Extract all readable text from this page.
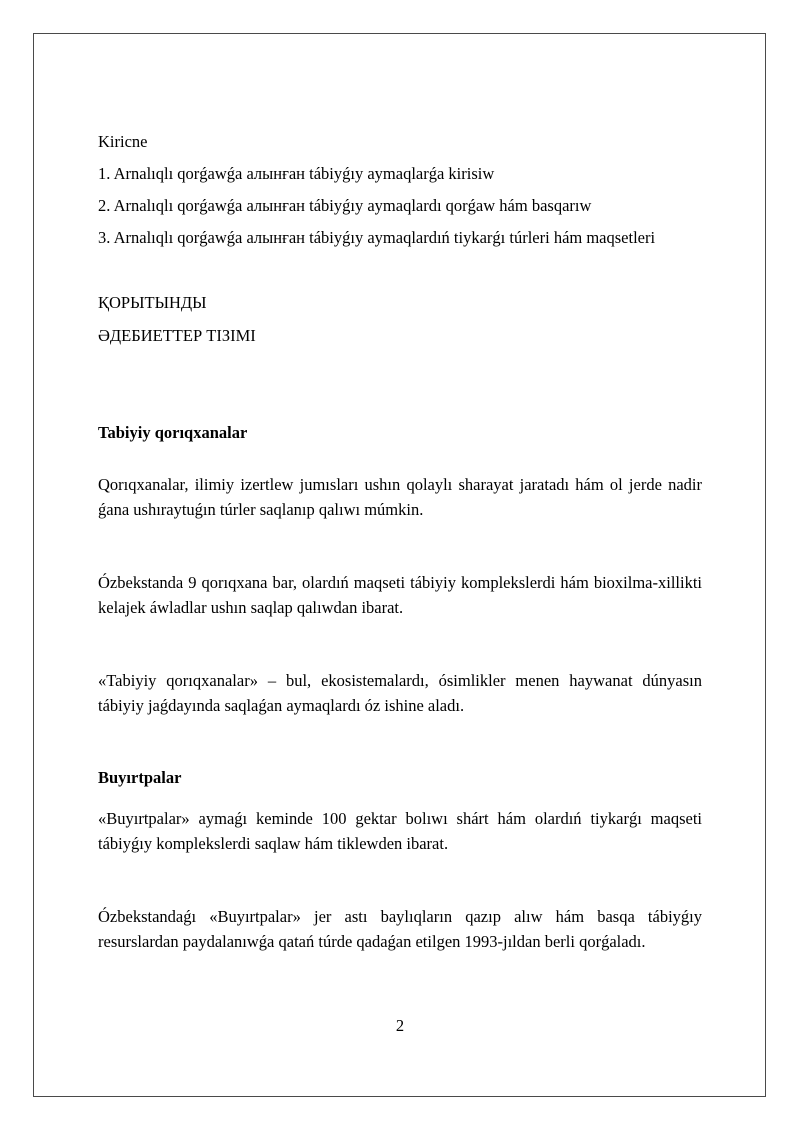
Kirісne
1. Arnalıqlı qorǵawǵa алынған tábiyǵıy aymaqlarǵa kirisiw
2. Arnalıqlı qorǵawǵa алынған tábiyǵıy aymaqlardı qorǵaw hám basqarıw
3. Arnalıqlı qorǵawǵa алынған tábiyǵıy aymaqlardıń tiykarǵı túrleri hám maqsetleri
ҚОРЫТЫНДЫ
ӘДЕБИЕТТЕР ТІЗІМІ
Tabiyiy qorıqxanalar
Qorıqxanalar, ilimiy izertlew jumısları ushın qolaylı sharayat jaratadı hám ol jerde nadir ǵana ushıraytuǵın túrler saqlanıp qalıwı múmkin.
Ózbekstanda 9 qorıqxana bar, olardıń maqseti tábiyiy komplekslerdi hám bioxilma-xillikti kelajek áwladlar ushın saqlap qalıwdan ibarat.
«Tabiyiy qorıqxanalar» – bul, ekosistemalardı, ósimlikler menen haywanat dúnyasın tábiyiy jaǵdayında saqlaǵan aymaqlardı óz ishine aladı.
Buyırtpalar
«Buyırtpalar» aymaǵı keminde 100 gektar bolıwı shárt hám olardıń tiykarǵı maqseti tábiyǵıy komplekslerdi saqlaw hám tiklewden ibarat.
Ózbekstandaǵı «Buyırtpalar» jer astı baylıqların qazıp alıw hám basqa tábiyǵıy resurslardan paydalanıwǵa qatań túrde qadaǵan etilgen 1993-jıldan berli qorǵaladı.
2
